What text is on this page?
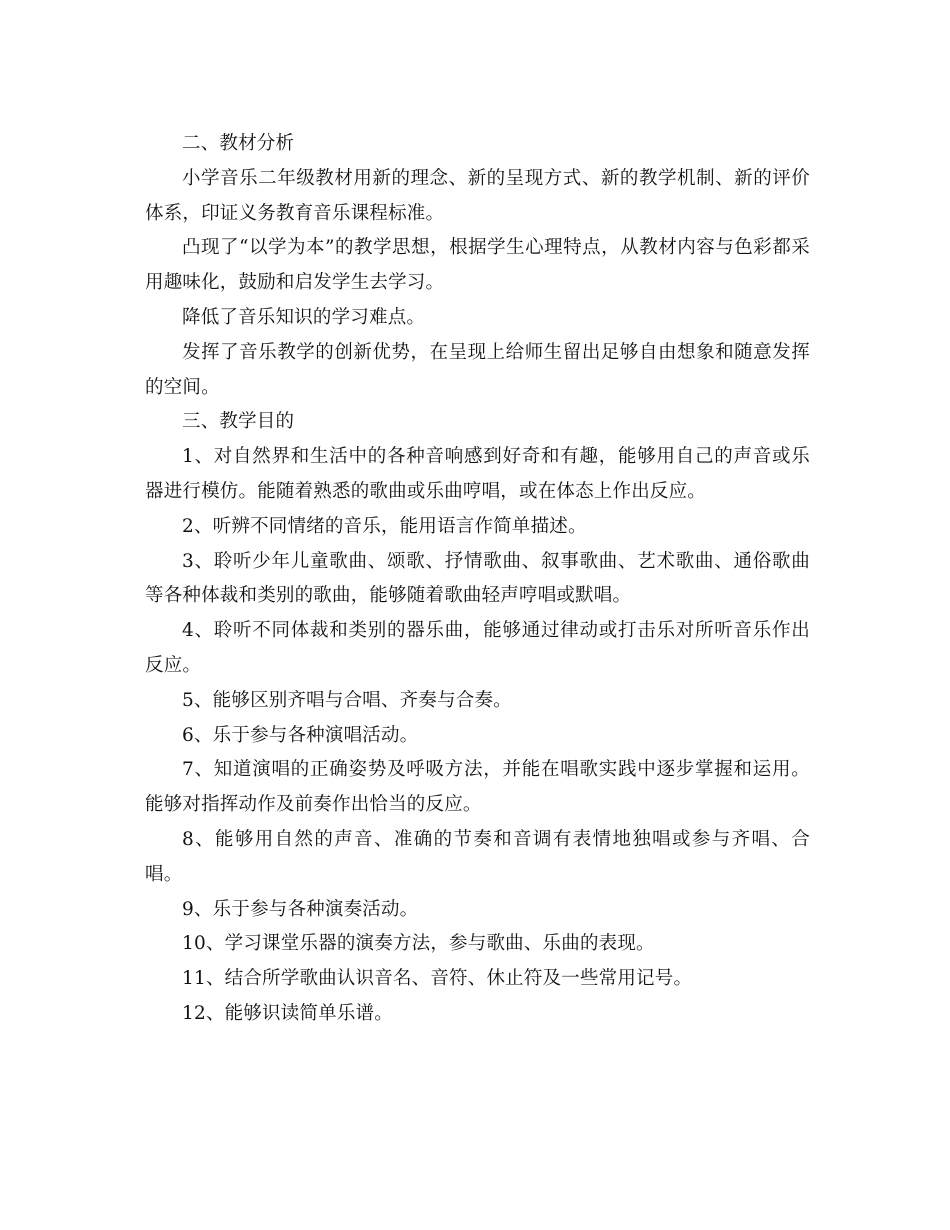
二、教材分析

小学音乐二年级教材用新的理念、新的呈现方式、新的教学机制、新的评价体系，印证义务教育音乐课程标准。

凸现了“以学为本”的教学思想，根据学生心理特点，从教材内容与色彩都采用趣味化，鼓励和启发学生去学习。

降低了音乐知识的学习难点。

发挥了音乐教学的创新优势，在呈现上给师生留出足够自由想象和随意发挥的空间。

三、教学目的

1、对自然界和生活中的各种音响感到好奇和有趣，能够用自己的声音或乐器进行模仿。能随着熟悉的歌曲或乐曲哼唱，或在体态上作出反应。

2、听辨不同情绪的音乐，能用语言作简单描述。

3、聆听少年儿童歌曲、颂歌、抒情歌曲、叙事歌曲、艺术歌曲、通俗歌曲等各种体裁和类别的歌曲，能够随着歌曲轻声哼唱或默唱。

4、聆听不同体裁和类别的器乐曲，能够通过律动或打击乐对所听音乐作出反应。

5、能够区别齐唱与合唱、齐奏与合奏。

6、乐于参与各种演唱活动。

7、知道演唱的正确姿势及呼吸方法，并能在唱歌实践中逐步掌握和运用。能够对指挥动作及前奏作出恰当的反应。

8、能够用自然的声音、准确的节奏和音调有表情地独唱或参与齐唱、合唱。

9、乐于参与各种演奏活动。

10、学习课堂乐器的演奏方法，参与歌曲、乐曲的表现。

11、结合所学歌曲认识音名、音符、休止符及一些常用记号。

12、能够识读简单乐谱。
